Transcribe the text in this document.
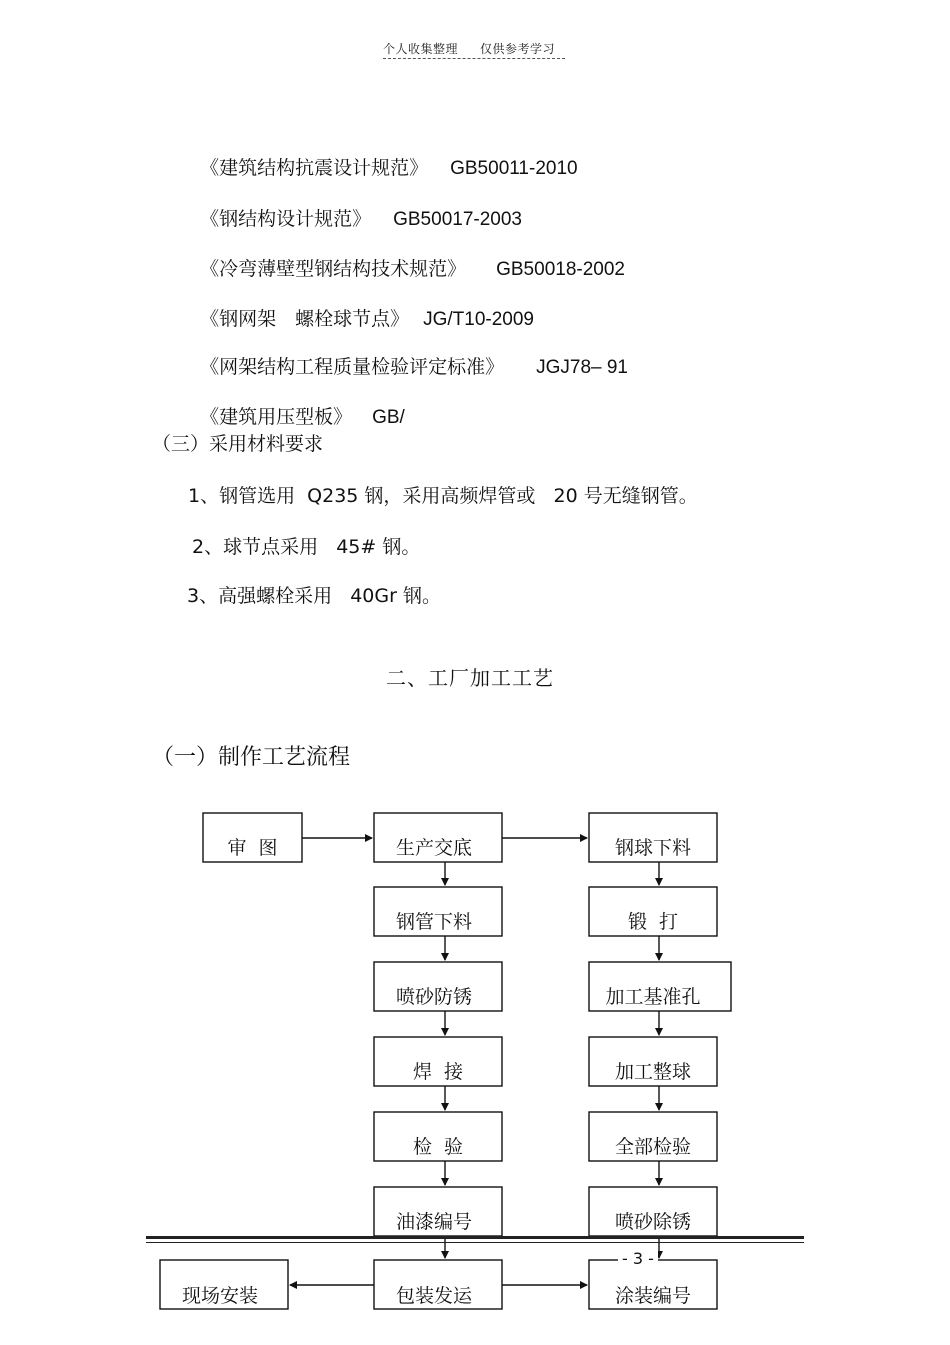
个人收集整理 仅供参考学习

《建筑结构抗震设计规范》 GB50011-2010

《钢结构设计规范》 GB50017-2003

《冷弯薄壁型钢结构技术规范》 GB50018-2002

《钢网架　螺栓球节点》 JG/T10-2009

《网架结构工程质量检验评定标准》 JGJ78– 91

《建筑用压型板》 GB/

（三）采用材料要求
1、钢管选用  Q235 钢，采用高频焊管或   20 号无缝钢管。
2、球节点采用   45# 钢。
3、高强螺栓采用   40Gr 钢。
二、工厂加工工艺
（一）制作工艺流程
审  图	生产交底	钢球下料
钢管下料	锻  打
喷砂防锈	加工基准孔
焊  接	加工整球
检  验	全部检验
油漆编号	喷砂除锈
现场安装	包装发运	涂装编号
- 3 -
